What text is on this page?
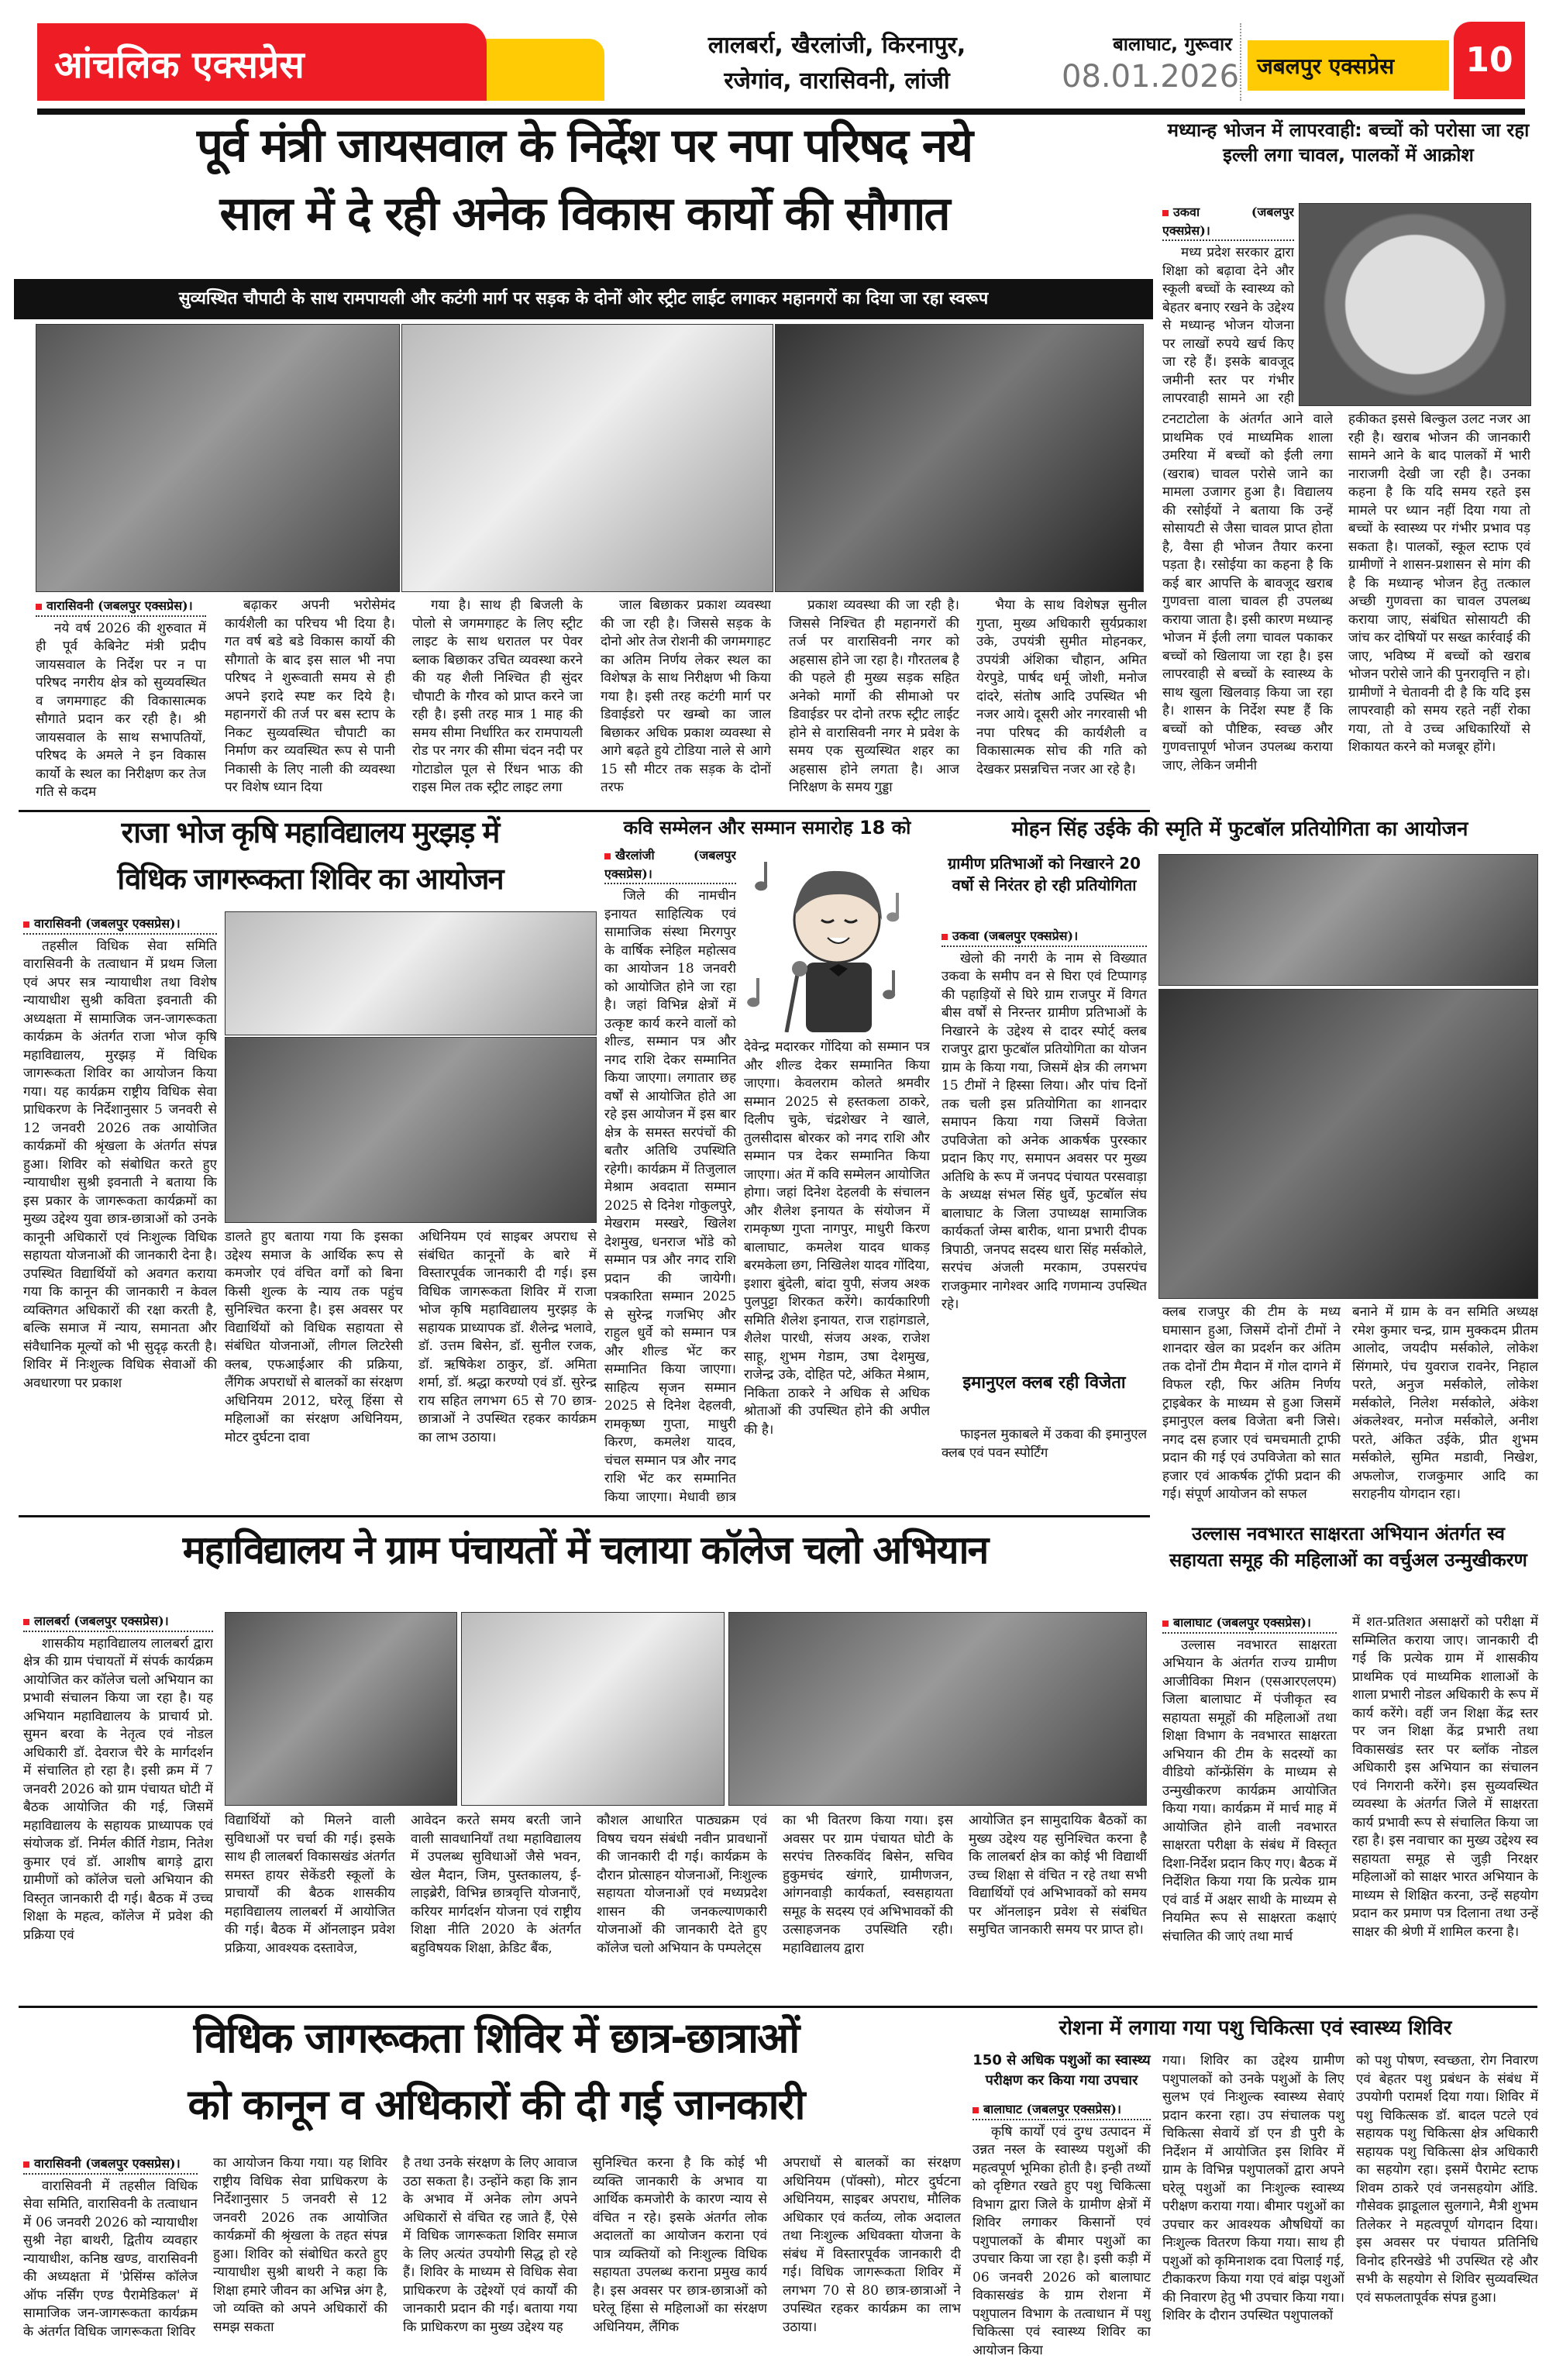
आंचलिक एक्सप्रेस	लालबर्रा, खैरलांजी, किरनापुर,
रजेगांव, वारासिवनी, लांजी
बालाघाट, गुरूवार
08.01.2026 जबलपुर एक्सप्रेस	10
पूर्व मंत्री जायसवाल के निर्देश पर नपा परिषद नये
साल में दे रही अनेक विकास कार्यो की सौगात
सुव्यस्थित चौपाटी के साथ रामपायली और कटंगी मार्ग पर सड़क के दोनों ओर स्ट्रीट लाईट लगाकर महानगरों का दिया जा रहा स्वरूप
वारासिवनी (जबलपुर एक्सप्रेस)।

नये वर्ष 2026 की शुरुवात में ही पूर्व केबिनेट मंत्री प्रदीप जायसवाल के निर्देश पर न पा परिषद नगरीय क्षेत्र को सुव्यवस्थित व जगमगाहट की विकासात्मक सौगाते प्रदान कर रही है। श्री जायसवाल के साथ सभापतियों, परिषद के अमले ने इन विकास कार्यो के स्थल का निरीक्षण कर तेज गति से कदम

बढ़ाकर अपनी भरोसेमंद कार्यशैली का परिचय भी दिया है। गत वर्ष बडे बडे विकास कार्यो की सौगातो के बाद इस साल भी नपा परिषद ने शुरूवाती समय से ही अपने इरादे स्पष्ट कर दिये है। महानगरों की तर्ज पर बस स्टाप के निकट सुव्यवस्थित चौपाटी का निर्माण कर व्यवस्थित रूप से पानी निकासी के लिए नाली की व्यवस्था पर विशेष ध्यान दिया

गया है। साथ ही बिजली के पोलो से जगमगाहट के लिए स्ट्रीट लाइट के साथ धरातल पर पेवर ब्लाक बिछाकर उचित व्यवस्था करने की यह शैली निश्चित ही सुंदर चौपाटी के गौरव को प्राप्त करने जा रही है। इसी तरह मात्र 1 माह की समय सीमा निर्धारित कर रामपायली रोड पर नगर की सीमा चंदन नदी पर गोटाडोल पूल से रिंधन भाऊ की राइस मिल तक स्ट्रीट लाइट लगा

जाल बिछाकर प्रकाश व्यवस्था की जा रही है। जिससे सड़क के दोनो ओर तेज रोशनी की जगमगाहट का अतिम निर्णय लेकर स्थल का विशेषज्ञ के साथ निरीक्षण भी किया गया है। इसी तरह कटंगी मार्ग पर डिवाईडरो पर खम्बो का जाल बिछाकर अधिक प्रकाश व्यवस्था से आगे बढ़ते हुये टोडिया नाले से आगे 15 सौ मीटर तक सड़क के दोनों तरफ

प्रकाश व्यवस्था की जा रही है। जिससे निश्चित ही महानगरों की तर्ज पर वारासिवनी नगर को अहसास होने जा रहा है। गौरतलब है की पहले ही मुख्य सड़क सहित अनेको मार्गो की सीमाओ पर डिवाईडर पर दोनो तरफ स्ट्रीट लाईट होने से वारासिवनी नगर मे प्रवेश के समय एक सुव्यस्थित शहर का अहसास होने लगता है। आज निरिक्षण के समय गुड्डा

भैया के साथ विशेषज्ञ सुनील गुप्ता, मुख्य अधिकारी सुर्यप्रकाश उके, उपयंत्री सुमीत मोहनकर, उपयंत्री अंशिका चौहान, अमित येरपुडे, पार्षद धर्मू जोशी, मनोज दांदरे, संतोष आदि उपस्थित भी नजर आये। दूसरी ओर नगरवासी भी नपा परिषद की कार्यशैली व विकासात्मक सोच की गति को देखकर प्रसन्नचित्त नजर आ रहे है।

मध्यान्ह भोजन में लापरवाही: बच्चों को परोसा जा रहा इल्ली लगा चावल, पालकों में आक्रोश
उकवा (जबलपुर एक्सप्रेस)।

मध्य प्रदेश सरकार द्वारा शिक्षा को बढ़ावा देने और स्कूली बच्चों के स्वास्थ्य को बेहतर बनाए रखने के उद्देश्य से मध्यान्ह भोजन योजना पर लाखों रुपये खर्च किए जा रहे हैं। इसके बावजूद जमीनी स्तर पर गंभीर लापरवाही सामने आ रही

टनटाटोला के अंतर्गत आने वाले प्राथमिक एवं माध्यमिक शाला उमरिया में बच्चों को ईली लगा (खराब) चावल परोसे जाने का मामला उजागर हुआ है। विद्यालय की रसोईयों ने बताया कि उन्हें सोसायटी से जैसा चावल प्राप्त होता है, वैसा ही भोजन तैयार करना पड़ता है। रसोईया का कहना है कि कई बार आपत्ति के बावजूद खराब गुणवत्ता वाला चावल ही उपलब्ध कराया जाता है। इसी कारण मध्यान्ह भोजन में ईली लगा चावल पकाकर बच्चों को खिलाया जा रहा है। इस लापरवाही से बच्चों के स्वास्थ्य के साथ खुला खिलवाड़ किया जा रहा है। शासन के निर्देश स्पष्ट हैं कि बच्चों को पौष्टिक, स्वच्छ और गुणवत्तापूर्ण भोजन उपलब्ध कराया जाए, लेकिन जमीनी

हकीकत इससे बिल्कुल उलट नजर आ रही है। खराब भोजन की जानकारी सामने आने के बाद पालकों में भारी नाराजगी देखी जा रही है। उनका कहना है कि यदि समय रहते इस मामले पर ध्यान नहीं दिया गया तो बच्चों के स्वास्थ्य पर गंभीर प्रभाव पड़ सकता है। पालकों, स्कूल स्टाफ एवं ग्रामीणों ने शासन-प्रशासन से मांग की है कि मध्यान्ह भोजन हेतु तत्काल अच्छी गुणवत्ता का चावल उपलब्ध कराया जाए, संबंधित सोसायटी की जांच कर दोषियों पर सख्त कार्रवाई की जाए, भविष्य में बच्चों को खराब भोजन परोसे जाने की पुनरावृत्ति न हो। ग्रामीणों ने चेतावनी दी है कि यदि इस लापरवाही को समय रहते नहीं रोका गया, तो वे उच्च अधिकारियों से शिकायत करने को मजबूर होंगे।

राजा भोज कृषि महाविद्यालय मुरझड़ में
विधिक जागरूकता शिविर का आयोजन
वारासिवनी (जबलपुर एक्सप्रेस)।

तहसील विधिक सेवा समिति वारासिवनी के तत्वाधान में प्रथम जिला एवं अपर सत्र न्यायाधीश तथा विशेष न्यायाधीश सुश्री कविता इवनाती की अध्यक्षता में सामाजिक जन-जागरूकता कार्यक्रम के अंतर्गत राजा भोज कृषि महाविद्यालय, मुरझड़ में विधिक जागरूकता शिविर का आयोजन किया गया। यह कार्यक्रम राष्ट्रीय विधिक सेवा प्राधिकरण के निर्देशानुसार 5 जनवरी से 12 जनवरी 2026 तक आयोजित कार्यक्रमों की श्रृंखला के अंतर्गत संपन्न हुआ। शिविर को संबोधित करते हुए न्यायाधीश सुश्री इवनाती ने बताया कि इस प्रकार के जागरूकता कार्यक्रमों का मुख्य उद्देश्य युवा छात्र-छात्राओं को उनके कानूनी अधिकारों एवं निःशुल्क विधिक सहायता योजनाओं की जानकारी देना है। उपस्थित विद्यार्थियों को अवगत कराया गया कि कानून की जानकारी न केवल व्यक्तिगत अधिकारों की रक्षा करती है, बल्कि समाज में न्याय, समानता और संवैधानिक मूल्यों को भी सुदृढ़ करती है। शिविर में निःशुल्क विधिक सेवाओं की अवधारणा पर प्रकाश

डालते हुए बताया गया कि इसका उद्देश्य समाज के आर्थिक रूप से कमजोर एवं वंचित वर्गों को बिना किसी शुल्क के न्याय तक पहुंच सुनिश्चित करना है। इस अवसर पर विद्यार्थियों को विधिक सहायता से संबंधित योजनाओं, लीगल लिटरेसी क्लब, एफआईआर की प्रक्रिया, लैंगिक अपराधों से बालकों का संरक्षण अधिनियम 2012, घरेलू हिंसा से महिलाओं का संरक्षण अधिनियम, मोटर दुर्घटना दावा

अधिनियम एवं साइबर अपराध से संबंधित कानूनों के बारे में विस्तारपूर्वक जानकारी दी गई। इस विधिक जागरूकता शिविर में राजा भोज कृषि महाविद्यालय मुरझड़ के सहायक प्राध्यापक डॉ. शैलेन्द्र भलावे, डॉ. उत्तम बिसेन, डॉ. सुनील रजक, डॉ. ऋषिकेश ठाकुर, डॉ. अमिता शर्मा, डॉ. श्रद्धा करण्यो एवं डॉ. सुरेन्द्र राय सहित लगभग 65 से 70 छात्र-छात्राओं ने उपस्थित रहकर कार्यक्रम का लाभ उठाया।

कवि सम्मेलन और सम्मान समारोह 18 को
खैरलांजी (जबलपुर एक्सप्रेस)।

जिले की नामचीन इनायत साहित्यिक एवं सामाजिक संस्था मिरगपुर के वार्षिक स्नेहिल महोत्सव का आयोजन 18 जनवरी को आयोजित होने जा रहा है। जहां विभिन्न क्षेत्रों में उत्कृष्ट कार्य करने वालों को शील्ड, सम्मान पत्र और नगद राशि देकर सम्मानित किया जाएगा। लगातार छह वर्षों से आयोजित होते आ रहे इस आयोजन में इस बार क्षेत्र के समस्त सरपंचों की बतौर अतिथि उपस्थिति रहेगी। कार्यक्रम में तिजुलाल मेश्राम अवदाता सम्मान 2025 से दिनेश गोकुलपुरे, मेखराम मस्खरे, खिलेश देशमुख, धनराज भोंडे को सम्मान पत्र और नगद राशि प्रदान की जायेगी। पत्रकारिता सम्मान 2025 से सुरेन्द्र गजभिए और राहुल धुर्वे को सम्मान पत्र और शील्ड भेंट कर सम्मानित किया जाएगा। साहित्य सृजन सम्मान 2025 से दिनेश देहलवी, रामकृष्ण गुप्ता, माधुरी किरण, कमलेश यादव, चंचल सम्मान पत्र और नगद राशि भेंट कर सम्मानित किया जाएगा। मेधावी छात्र

देवेन्द्र मदारकर गोंदिया को सम्मान पत्र और शील्ड देकर सम्मानित किया जाएगा। केवलराम कोलते श्रमवीर सम्मान 2025 से हस्तकला ठाकरे, दिलीप चुके, चंद्रशेखर ने खाले, तुलसीदास बोरकर को नगद राशि और सम्मान पत्र देकर सम्मानित किया जाएगा। अंत में कवि सम्मेलन आयोजित होगा। जहां दिनेश देहलवी के संचालन और शैलेश इनायत के संयोजन में रामकृष्ण गुप्ता नागपुर, माधुरी किरण बालाघाट, कमलेश यादव धाकड़ बरमकेला छग, निखिलेश यादव गोंदिया, इशारा बुंदेली, बांदा युपी, संजय अश्क पुलपुट्टा शिरकत करेंगे। कार्यकारिणी समिति शैलेश इनायत, राज राहांगडाले, शैलेश पारधी, संजय अश्क, राजेश साहू, शुभम गेडाम, उषा देशमुख, राजेन्द्र उके, दोहित पटे, अंकित मेश्राम, निकिता ठाकरे ने अधिक से अधिक श्रोताओं की उपस्थित होने की अपील की है।

मोहन सिंह उईके की स्मृति में फुटबॉल प्रतियोगिता का आयोजन
ग्रामीण प्रतिभाओं को निखारने 20 वर्षो से निरंतर हो रही प्रतियोगिता
उकवा (जबलपुर एक्सप्रेस)।

खेलो की नगरी के नाम से विख्यात उकवा के समीप वन से घिरा एवं टिप्पागड़ की पहाड़ियों से घिरे ग्राम राजपुर में विगत बीस वर्षों से निरन्तर ग्रामीण प्रतिभाओं के निखारने के उद्देश्य से दादर स्पोर्ट् क्लब राजपुर द्वारा फुटबॉल प्रतियोगिता का योजन ग्राम के किया गया, जिसमें क्षेत्र की लगभग 15 टीमों ने हिस्सा लिया। और पांच दिनों तक चली इस प्रतियोगिता का शानदार समापन किया गया जिसमें विजेता उपविजेता को अनेक आकर्षक पुरस्कार प्रदान किए गए, समापन अवसर पर मुख्य अतिथि के रूप में जनपद पंचायत परसवाड़ा के अध्यक्ष संभल सिंह धुर्वे, फुटबॉल संघ बालाघाट के जिला उपाध्यक्ष सामाजिक कार्यकर्ता जेम्स बारीक, थाना प्रभारी दीपक त्रिपाठी, जनपद सदस्य धारा सिंह मर्सकोले, सरपंच अंजली मरकाम, उपसरपंच राजकुमार नागेश्वर आदि गणमान्य उपस्थित रहे।

इमानुएल क्लब रही विजेता

फाइनल मुकाबले में उकवा की इमानुएल क्लब एवं पवन स्पोर्टिंग

क्लब राजपुर की टीम के मध्य घमासान हुआ, जिसमें दोनों टीमों ने शानदार खेल का प्रदर्शन कर अंतिम तक दोनों टीम मैदान में गोल दागने में विफल रही, फिर अंतिम निर्णय ट्राइबेकर के माध्यम से हुआ जिसमें इमानुएल क्लब विजेता बनी जिसे। नगद दस हजार एवं चमचमाती ट्राफी प्रदान की गई एवं उपविजेता को सात हजार एवं आकर्षक ट्रॉफी प्रदान की गई। संपूर्ण आयोजन को सफल

बनाने में ग्राम के वन समिति अध्यक्ष रमेश कुमार चन्द्र, ग्राम मुक्कदम प्रीतम आलोद, जयदीप मर्सकोले, लोकेश सिंगमारे, पंच युवराज रावनेर, निहाल परते, अनुज मर्सकोले, लोकेश मर्सकोले, निलेश मर्सकोले, अंकेश अंकलेश्वर, मनोज मर्सकोले, अनीश परते, अंकित उईके, प्रीत शुभम मर्सकोले, सुमित मडावी, निखेश, अफलोज, राजकुमार आदि का सराहनीय योगदान रहा।

महाविद्यालय ने ग्राम पंचायतों में चलाया कॉलेज चलो अभियान
लालबर्रा (जबलपुर एक्सप्रेस)।

शासकीय महाविद्यालय लालबर्रा द्वारा क्षेत्र की ग्राम पंचायतों में संपर्क कार्यक्रम आयोजित कर कॉलेज चलो अभियान का प्रभावी संचालन किया जा रहा है। यह अभियान महाविद्यालय के प्राचार्य प्रो. सुमन बरवा के नेतृत्व एवं नोडल अधिकारी डॉ. देवराज चैरे के मार्गदर्शन में संचालित हो रहा है। इसी क्रम में 7 जनवरी 2026 को ग्राम पंचायत घोटी में बैठक आयोजित की गई, जिसमें महाविद्यालय के सहायक प्राध्यापक एवं संयोजक डॉ. निर्मल कीर्ति गेडाम, नितेश कुमार एवं डॉ. आशीष बागड़े द्वारा ग्रामीणों को कॉलेज चलो अभियान की विस्तृत जानकारी दी गई। बैठक में उच्च शिक्षा के महत्व, कॉलेज में प्रवेश की प्रक्रिया एवं

विद्यार्थियों को मिलने वाली सुविधाओं पर चर्चा की गई। इसके साथ ही लालबर्रा विकासखंड अंतर्गत समस्त हायर सेकेंडरी स्कूलों के प्राचार्यों की बैठक शासकीय महाविद्यालय लालबर्रा में आयोजित की गई। बैठक में ऑनलाइन प्रवेश प्रक्रिया, आवश्यक दस्तावेज,

आवेदन करते समय बरती जाने वाली सावधानियाँ तथा महाविद्यालय में उपलब्ध सुविधाओं जैसे भवन, खेल मैदान, जिम, पुस्तकालय, ई-लाइब्रेरी, विभिन्न छात्रवृत्ति योजनाएँ, करियर मार्गदर्शन योजना एवं राष्ट्रीय शिक्षा नीति 2020 के अंतर्गत बहुविषयक शिक्षा, क्रेडिट बैंक,

कौशल आधारित पाठ्यक्रम एवं विषय चयन संबंधी नवीन प्रावधानों की जानकारी दी गई। कार्यक्रम के दौरान प्रोत्साहन योजनाओं, निःशुल्क सहायता योजनाओं एवं मध्यप्रदेश शासन की जनकल्याणकारी योजनाओं की जानकारी देते हुए कॉलेज चलो अभियान के पम्पलेट्स

का भी वितरण किया गया। इस अवसर पर ग्राम पंचायत घोटी के सरपंच तिरुकविंद बिसेन, सचिव हुकुमचंद खंगारे, ग्रामीणजन, आंगनवाड़ी कार्यकर्ता, स्वसहायता समूह के सदस्य एवं अभिभावकों की उत्साहजनक उपस्थिति रही। महाविद्यालय द्वारा

आयोजित इन सामुदायिक बैठकों का मुख्य उद्देश्य यह सुनिश्चित करना है कि लालबर्रा क्षेत्र का कोई भी विद्यार्थी उच्च शिक्षा से वंचित न रहे तथा सभी विद्यार्थियों एवं अभिभावकों को समय पर ऑनलाइन प्रवेश से संबंधित समुचित जानकारी समय पर प्राप्त हो।

उल्लास नवभारत साक्षरता अभियान अंतर्गत स्व सहायता समूह की महिलाओं का वर्चुअल उन्मुखीकरण
बालाघाट (जबलपुर एक्सप्रेस)।

उल्लास नवभारत साक्षरता अभियान के अंतर्गत राज्य ग्रामीण आजीविका मिशन (एसआरएलएम) जिला बालाघाट में पंजीकृत स्व सहायता समूहों की महिलाओं तथा शिक्षा विभाग के नवभारत साक्षरता अभियान की टीम के सदस्यों का वीडियो कॉन्फ्रेंसिंग के माध्यम से उन्मुखीकरण कार्यक्रम आयोजित किया गया। कार्यक्रम में मार्च माह में आयोजित होने वाली नवभारत साक्षरता परीक्षा के संबंध में विस्तृत दिशा-निर्देश प्रदान किए गए। बैठक में निर्देशित किया गया कि प्रत्येक ग्राम एवं वार्ड में अक्षर साथी के माध्यम से नियमित रूप से साक्षरता कक्षाएं संचालित की जाएं तथा मार्च

में शत-प्रतिशत असाक्षरों को परीक्षा में सम्मिलित कराया जाए। जानकारी दी गई कि प्रत्येक ग्राम में शासकीय प्राथमिक एवं माध्यमिक शालाओं के शाला प्रभारी नोडल अधिकारी के रूप में कार्य करेंगे। वहीं जन शिक्षा केंद्र स्तर पर जन शिक्षा केंद्र प्रभारी तथा विकासखंड स्तर पर ब्लॉक नोडल अधिकारी इस अभियान का संचालन एवं निगरानी करेंगे। इस सुव्यवस्थित व्यवस्था के अंतर्गत जिले में साक्षरता कार्य प्रभावी रूप से संचालित किया जा रहा है। इस नवाचार का मुख्य उद्देश्य स्व सहायता समूह से जुड़ी निरक्षर महिलाओं को साक्षर भारत अभियान के माध्यम से शिक्षित करना, उन्हें सहयोग प्रदान कर प्रमाण पत्र दिलाना तथा उन्हें साक्षर की श्रेणी में शामिल करना है।

विधिक जागरूकता शिविर में छात्र-छात्राओं
को कानून व अधिकारों की दी गई जानकारी
वारासिवनी (जबलपुर एक्सप्रेस)।

वारासिवनी में तहसील विधिक सेवा समिति, वारासिवनी के तत्वाधान में 06 जनवरी 2026 को न्यायाधीश सुश्री नेहा बाथरी, द्वितीय व्यवहार न्यायाधीश, कनिष्ठ खण्ड, वारासिवनी की अध्यक्षता में 'प्रेसिंग्स कॉलेज ऑफ नर्सिंग एण्ड पैरामेडिकल' में सामाजिक जन-जागरूकता कार्यक्रम के अंतर्गत विधिक जागरूकता शिविर

का आयोजन किया गया। यह शिविर राष्ट्रीय विधिक सेवा प्राधिकरण के निर्देशानुसार 5 जनवरी से 12 जनवरी 2026 तक आयोजित कार्यक्रमों की श्रृंखला के तहत संपन्न हुआ। शिविर को संबोधित करते हुए न्यायाधीश सुश्री बाथरी ने कहा कि शिक्षा हमारे जीवन का अभिन्न अंग है, जो व्यक्ति को अपने अधिकारों की समझ सकता

है तथा उनके संरक्षण के लिए आवाज उठा सकता है। उन्होंने कहा कि ज्ञान के अभाव में अनेक लोग अपने अधिकारों से वंचित रह जाते हैं, ऐसे में विधिक जागरूकता शिविर समाज के लिए अत्यंत उपयोगी सिद्ध हो रहे हैं। शिविर के माध्यम से विधिक सेवा प्राधिकरण के उद्देश्यों एवं कार्यों की जानकारी प्रदान की गई। बताया गया कि प्राधिकरण का मुख्य उद्देश्य यह

सुनिश्चित करना है कि कोई भी व्यक्ति जानकारी के अभाव या आर्थिक कमजोरी के कारण न्याय से वंचित न रहे। इसके अंतर्गत लोक अदालतों का आयोजन कराना एवं पात्र व्यक्तियों को निःशुल्क विधिक सहायता उपलब्ध कराना प्रमुख कार्य है। इस अवसर पर छात्र-छात्राओं को घरेलू हिंसा से महिलाओं का संरक्षण अधिनियम, लैंगिक

अपराधों से बालकों का संरक्षण अधिनियम (पॉक्सो), मोटर दुर्घटना अधिनियम, साइबर अपराध, मौलिक अधिकार एवं कर्तव्य, लोक अदालत तथा निःशुल्क अधिवक्ता योजना के संबंध में विस्तारपूर्वक जानकारी दी गई। विधिक जागरूकता शिविर में लगभग 70 से 80 छात्र-छात्राओं ने उपस्थित रहकर कार्यक्रम का लाभ उठाया।

रोशना में लगाया गया पशु चिकित्सा एवं स्वास्थ्य शिविर
150 से अधिक पशुओं का स्वास्थ्य परीक्षण कर किया गया उपचार
बालाघाट (जबलपुर एक्सप्रेस)।

कृषि कार्यों एवं दुग्ध उत्पादन में उन्नत नस्ल के स्वास्थ्य पशुओं की महत्वपूर्ण भूमिका होती है। इन्ही तथ्यों को दृष्टिगत रखते हुए पशु चिकित्सा विभाग द्वारा जिले के ग्रामीण क्षेत्रों में शिविर लगाकर किसानों एवं पशुपालकों के बीमार पशुओं का उपचार किया जा रहा है। इसी कड़ी में 06 जनवरी 2026 को बालाघाट विकासखंड के ग्राम रोशना में पशुपालन विभाग के तत्वाधान में पशु चिकित्सा एवं स्वास्थ्य शिविर का आयोजन किया

गया। शिविर का उद्देश्य ग्रामीण पशुपालकों को उनके पशुओं के लिए सुलभ एवं निःशुल्क स्वास्थ्य सेवाएं प्रदान करना रहा। उप संचालक पशु चिकित्सा सेवायें डॉ एन डी पुरी के निर्देशन में आयोजित इस शिविर में ग्राम के विभिन्न पशुपालकों द्वारा अपने घरेलू पशुओं का निःशुल्क स्वास्थ्य परीक्षण कराया गया। बीमार पशुओं का उपचार कर आवश्यक औषधियों का निःशुल्क वितरण किया गया। साथ ही पशुओं को कृमिनाशक दवा पिलाई गई, टीकाकरण किया गया एवं बांझ पशुओं की निवारण हेतु भी उपचार किया गया। शिविर के दौरान उपस्थित पशुपालकों

को पशु पोषण, स्वच्छता, रोग निवारण एवं बेहतर पशु प्रबंधन के संबंध में उपयोगी परामर्श दिया गया। शिविर में पशु चिकित्सक डॉ. बादल पटले एवं सहायक पशु चिकित्सा क्षेत्र अधिकारी सहायक पशु चिकित्सा क्षेत्र अधिकारी का सहयोग रहा। इसमें पैरामेट स्टाफ शिवम ठाकरे एवं जनसहयोग ऑडि. गौसेवक झाडूलाल सुलगाने, मैत्री शुभम तिलेकर ने महत्वपूर्ण योगदान दिया। इस अवसर पर पंचायत प्रतिनिधि विनोद हरिनखेडे भी उपस्थित रहे और सभी के सहयोग से शिविर सुव्यवस्थित एवं सफलतापूर्वक संपन्न हुआ।
